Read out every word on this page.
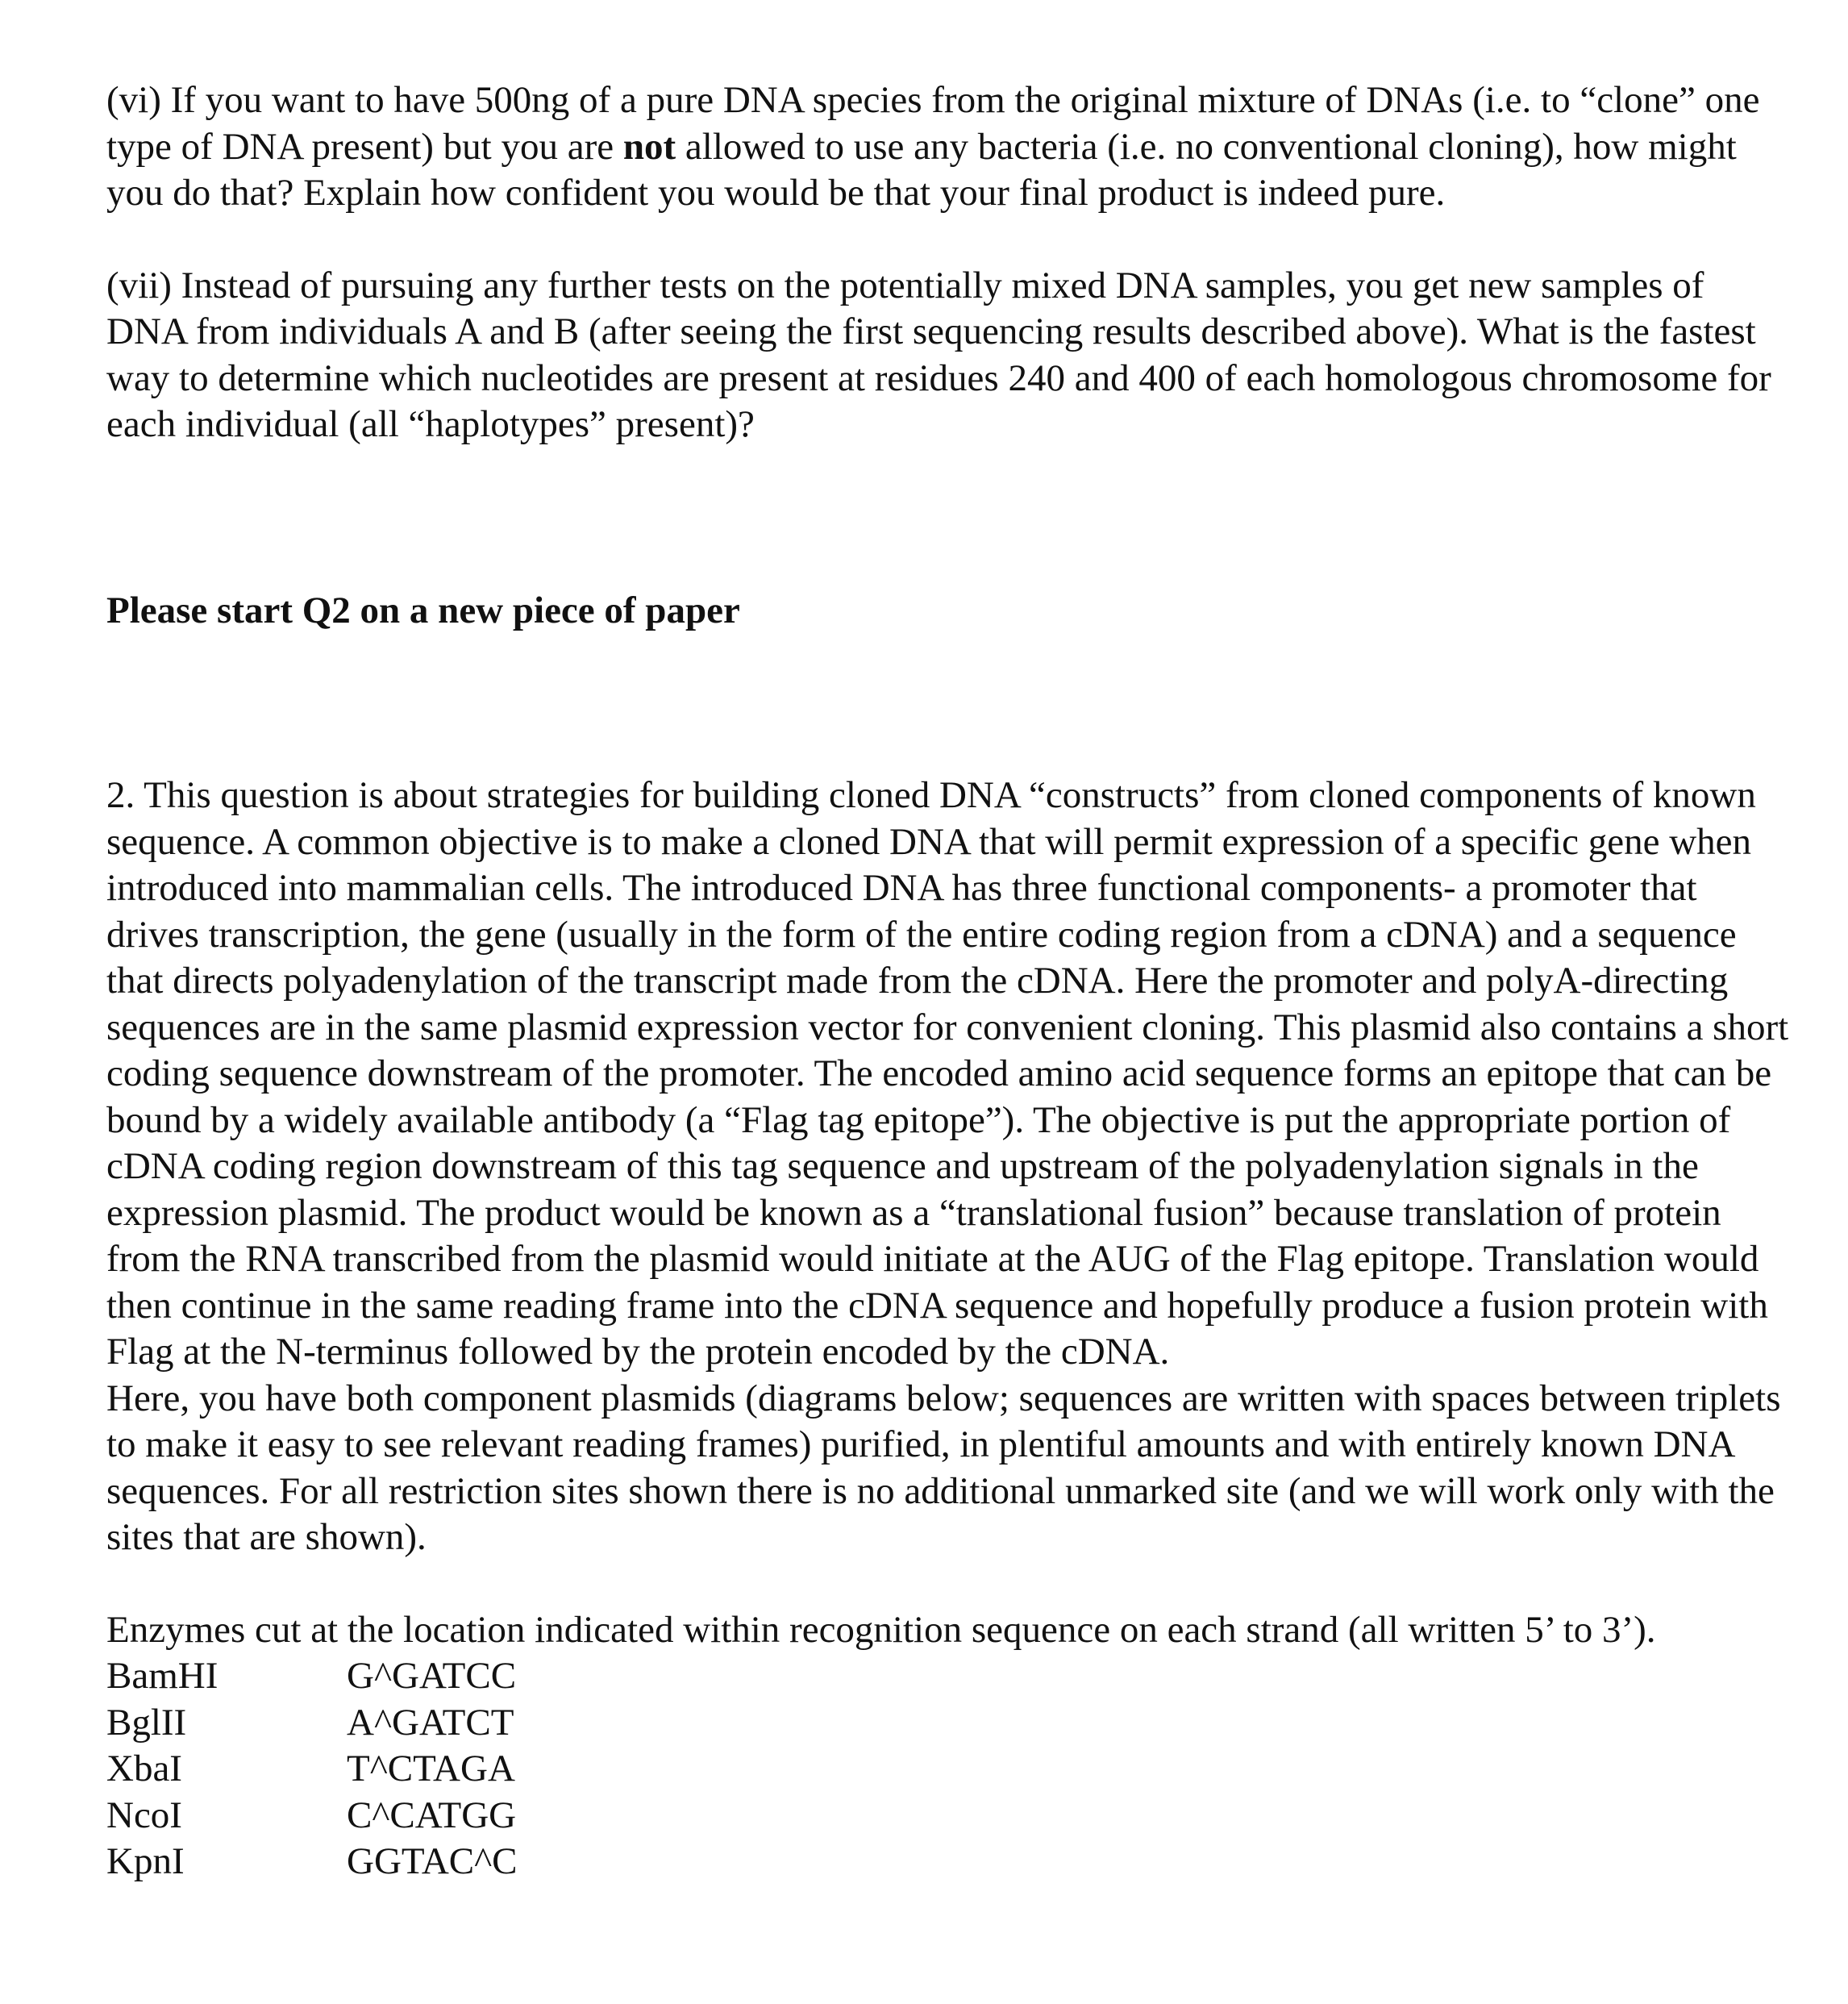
(vi) If you want to have 500ng of a pure DNA species from the original mixture of DNAs (i.e. to “clone” one type of DNA present) but you are not allowed to use any bacteria (i.e. no conventional cloning), how might you do that? Explain how confident you would be that your final product is indeed pure.

(vii) Instead of pursuing any further tests on the potentially mixed DNA samples, you get new samples of DNA from individuals A and B (after seeing the first sequencing results described above). What is the fastest way to determine which nucleotides are present at residues 240 and 400 of each homologous chromosome for each individual (all “haplotypes” present)?

Please start Q2 on a new piece of paper

2. This question is about strategies for building cloned DNA “constructs” from cloned components of known sequence. A common objective is to make a cloned DNA that will permit expression of a specific gene when introduced into mammalian cells. The introduced DNA has three functional components- a promoter that drives transcription, the gene (usually in the form of the entire coding region from a cDNA) and a sequence that directs polyadenylation of the transcript made from the cDNA. Here the promoter and polyA-directing sequences are in the same plasmid expression vector for convenient cloning. This plasmid also contains a short coding sequence downstream of the promoter. The encoded amino acid sequence forms an epitope that can be bound by a widely available antibody (a “Flag tag epitope”). The objective is put the appropriate portion of cDNA coding region downstream of this tag sequence and upstream of the polyadenylation signals in the expression plasmid. The product would be known as a “translational fusion” because translation of protein from the RNA transcribed from the plasmid would initiate at the AUG of the Flag epitope. Translation would then continue in the same reading frame into the cDNA sequence and hopefully produce a fusion protein with Flag at the N-terminus followed by the protein encoded by the cDNA.

Here, you have both component plasmids (diagrams below; sequences are written with spaces between triplets to make it easy to see relevant reading frames) purified, in plentiful amounts and with entirely known DNA sequences. For all restriction sites shown there is no additional unmarked site (and we will work only with the sites that are shown).

Enzymes cut at the location indicated within recognition sequence on each strand (all written 5’ to 3’).

BamHI	G^GATCC
BglII	A^GATCT
XbaI	T^CTAGA
NcoI	C^CATGG
KpnI	GGTAC^C
